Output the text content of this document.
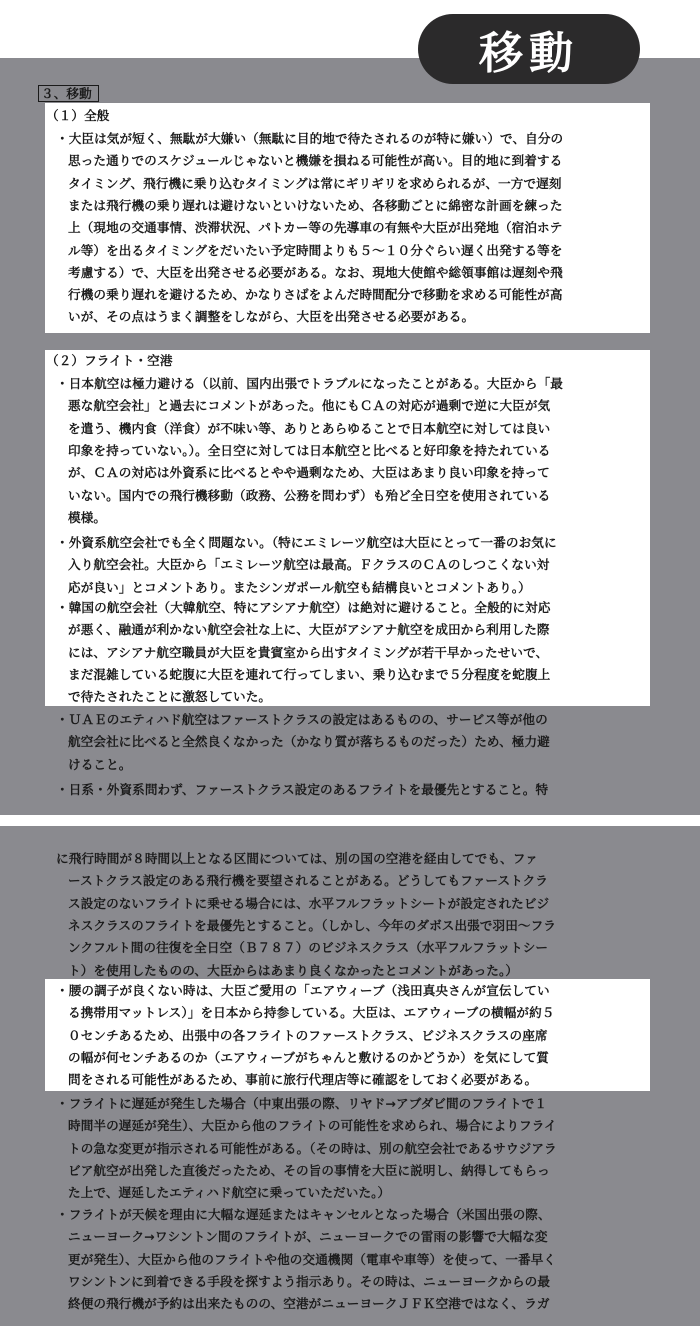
移動
３、移動
（１）全般
・大臣は気が短く、無駄が大嫌い（無駄に目的地で待たされるのが特に嫌い）で、自分の
思った通りでのスケジュールじゃないと機嫌を損ねる可能性が高い。目的地に到着する
タイミング、飛行機に乗り込むタイミングは常にギリギリを求められるが、一方で遅刻
または飛行機の乗り遅れは避けないといけないため、各移動ごとに綿密な計画を練った
上（現地の交通事情、渋滞状況、パトカー等の先導車の有無や大臣が出発地（宿泊ホテ
ル等）を出るタイミングをだいたい予定時間よりも５～１０分ぐらい遅く出発する等を
考慮する）で、大臣を出発させる必要がある。なお、現地大使館や総領事館は遅刻や飛
行機の乗り遅れを避けるため、かなりさばをよんだ時間配分で移動を求める可能性が高
いが、その点はうまく調整をしながら、大臣を出発させる必要がある。
（２）フライト・空港
・日本航空は極力避ける（以前、国内出張でトラブルになったことがある。大臣から「最
悪な航空会社」と過去にコメントがあった。他にもＣＡの対応が過剰で逆に大臣が気
を遣う、機内食（洋食）が不味い等、ありとあらゆることで日本航空に対しては良い
印象を持っていない。）。全日空に対しては日本航空と比べると好印象を持たれている
が、ＣＡの対応は外資系に比べるとやや過剰なため、大臣はあまり良い印象を持って
いない。国内での飛行機移動（政務、公務を問わず）も殆ど全日空を使用されている
模様。
・外資系航空会社でも全く問題ない。（特にエミレーツ航空は大臣にとって一番のお気に
入り航空会社。大臣から「エミレーツ航空は最高。ＦクラスのＣＡのしつこくない対
応が良い」とコメントあり。またシンガポール航空も結構良いとコメントあり。）
・韓国の航空会社（大韓航空、特にアシアナ航空）は絶対に避けること。全般的に対応
が悪く、融通が利かない航空会社な上に、大臣がアシアナ航空を成田から利用した際
には、アシアナ航空職員が大臣を貴賓室から出すタイミングが若干早かったせいで、
まだ混雑している蛇腹に大臣を連れて行ってしまい、乗り込むまで５分程度を蛇腹上
で待たされたことに激怒していた。
・ＵＡＥのエティハド航空はファーストクラスの設定はあるものの、サービス等が他の
航空会社に比べると全然良くなかった（かなり質が落ちるものだった）ため、極力避
けること。
・日系・外資系問わず、ファーストクラス設定のあるフライトを最優先とすること。特
に飛行時間が８時間以上となる区間については、別の国の空港を経由してでも、ファ
ーストクラス設定のある飛行機を要望されることがある。どうしてもファーストクラ
ス設定のないフライトに乗せる場合には、水平フルフラットシートが設定されたビジ
ネスクラスのフライトを最優先とすること。（しかし、今年のダボス出張で羽田～フラ
ンクフルト間の往復を全日空（Ｂ７８７）のビジネスクラス（水平フルフラットシー
ト）を使用したものの、大臣からはあまり良くなかったとコメントがあった。）
・腰の調子が良くない時は、大臣ご愛用の「エアウィーブ（浅田真央さんが宣伝してい
る携帯用マットレス）」を日本から持参している。大臣は、エアウィーブの横幅が約５
０センチあるため、出張中の各フライトのファーストクラス、ビジネスクラスの座席
の幅が何センチあるのか（エアウィーブがちゃんと敷けるのかどうか）を気にして質
問をされる可能性があるため、事前に旅行代理店等に確認をしておく必要がある。
・フライトに遅延が発生した場合（中東出張の際、リヤド→アブダビ間のフライトで１
時間半の遅延が発生）、大臣から他のフライトの可能性を求められ、場合によりフライ
トの急な変更が指示される可能性がある。（その時は、別の航空会社であるサウジアラ
ビア航空が出発した直後だったため、その旨の事情を大臣に説明し、納得してもらっ
た上で、遅延したエティハド航空に乗っていただいた。）
・フライトが天候を理由に大幅な遅延またはキャンセルとなった場合（米国出張の際、
ニューヨーク→ワシントン間のフライトが、ニューヨークでの雷雨の影響で大幅な変
更が発生）、大臣から他のフライトや他の交通機関（電車や車等）を使って、一番早く
ワシントンに到着できる手段を探すよう指示あり。その時は、ニューヨークからの最
終便の飛行機が予約は出来たものの、空港がニューヨークＪＦＫ空港ではなく、ラガ
